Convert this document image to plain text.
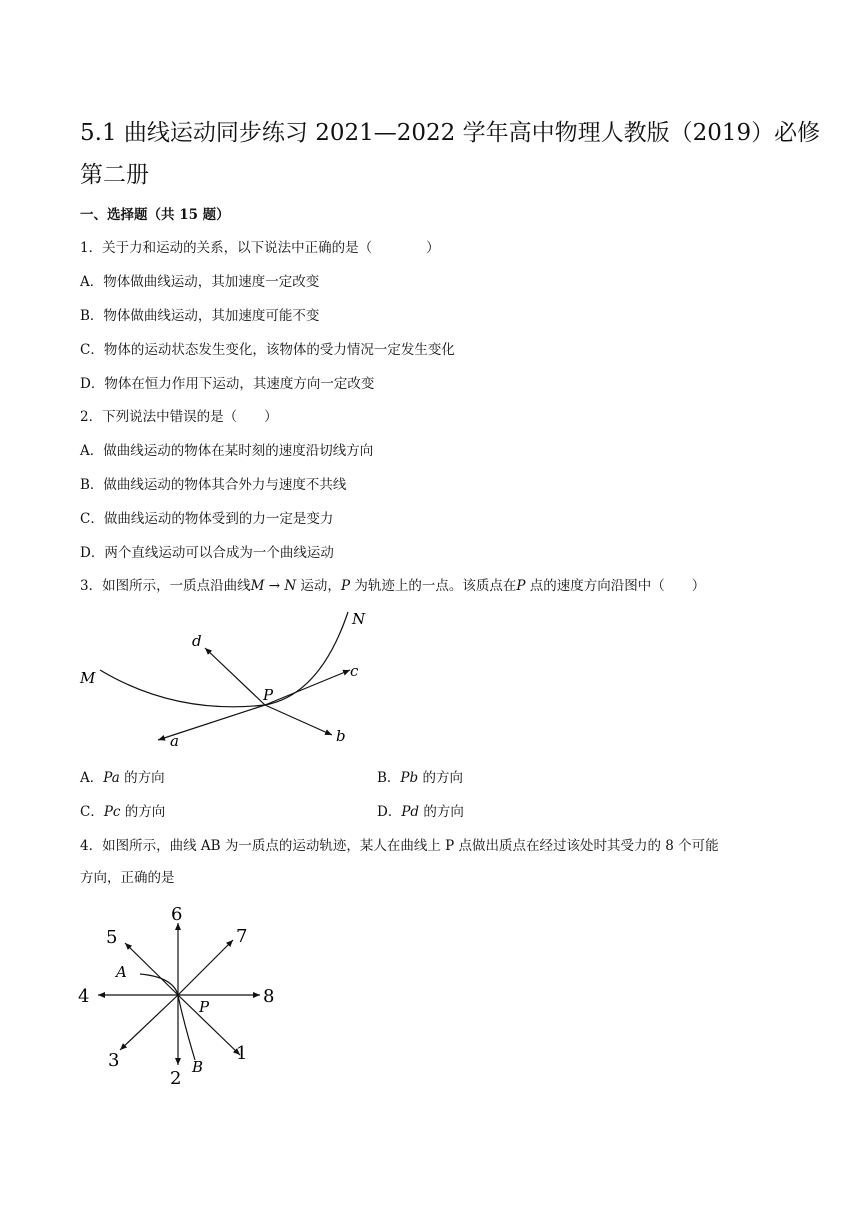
5.1 曲线运动同步练习 2021—2022 学年高中物理人教版（2019）必修
第二册
一、选择题（共 15 题）
1．关于力和运动的关系，以下说法中正确的是（　　　　）
A．物体做曲线运动，其加速度一定改变
B．物体做曲线运动，其加速度可能不变
C．物体的运动状态发生变化，该物体的受力情况一定发生变化
D．物体在恒力作用下运动，其速度方向一定改变
2．下列说法中错误的是（　　）
A．做曲线运动的物体在某时刻的速度沿切线方向
B．做曲线运动的物体其合外力与速度不共线
C．做曲线运动的物体受到的力一定是变力
D．两个直线运动可以合成为一个曲线运动
3．如图所示，一质点沿曲线M → N 运动，P 为轨迹上的一点。该质点在P 点的速度方向沿图中（　　）
M
N
P
a	b
c
d
A．Pa 的方向	B．Pb 的方向
C．Pc 的方向	D．Pd 的方向
4．如图所示，曲线 AB 为一质点的运动轨迹，某人在曲线上 P 点做出质点在经过该处时其受力的 8 个可能
方向，正确的是
1
2
3
4
5
6
7
8
A
B
P
